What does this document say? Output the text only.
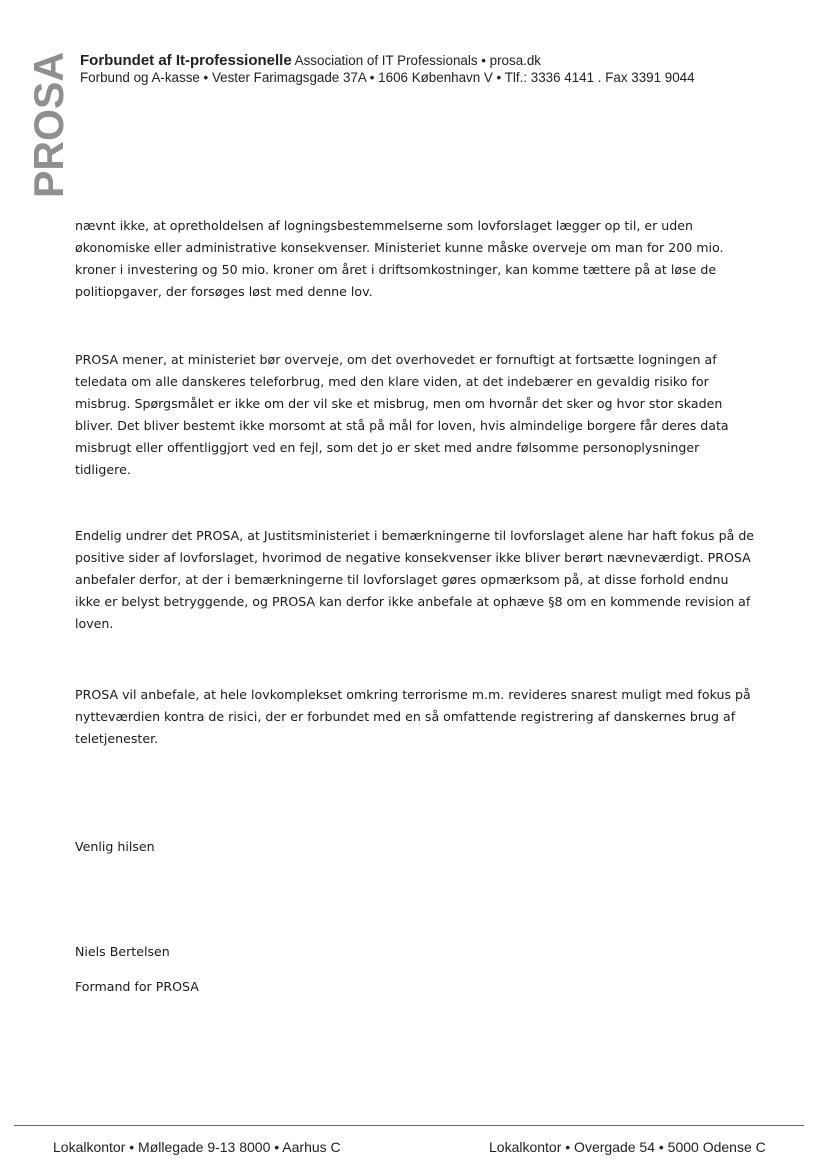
PROSA Forbundet af It-professionelle Association of IT Professionals • prosa.dk
Forbund og A-kasse • Vester Farimagsgade 37A • 1606 København V • Tlf.: 3336 4141 . Fax 3391 9044

nævnt ikke, at opretholdelsen af logningsbestemmelserne som lovforslaget lægger op til, er uden økonomiske eller administrative konsekvenser. Ministeriet kunne måske overveje om man for 200 mio. kroner i investering og 50 mio. kroner om året i driftsomkostninger, kan komme tættere på at løse de politiopgaver, der forsøges løst med denne lov.

PROSA mener, at ministeriet bør overveje, om det overhovedet er fornuftigt at fortsætte logningen af teledata om alle danskeres teleforbrug, med den klare viden, at det indebærer en gevaldig risiko for misbrug. Spørgsmålet er ikke om der vil ske et misbrug, men om hvornår det sker og hvor stor skaden bliver. Det bliver bestemt ikke morsomt at stå på mål for loven, hvis almindelige borgere får deres data misbrugt eller offentliggjort ved en fejl, som det jo er sket med andre følsomme personoplysninger tidligere.

Endelig undrer det PROSA, at Justitsministeriet i bemærkningerne til lovforslaget alene har haft fokus på de positive sider af lovforslaget, hvorimod de negative konsekvenser ikke bliver berørt nævneværdigt. PROSA anbefaler derfor, at der i bemærkningerne til lovforslaget gøres opmærksom på, at disse forhold endnu ikke er belyst betryggende, og PROSA kan derfor ikke anbefale at ophæve §8 om en kommende revision af loven.

PROSA vil anbefale, at hele lovkomplekset omkring terrorisme m.m. revideres snarest muligt med fokus på nytteværdien kontra de risici, der er forbundet med en så omfattende registrering af danskernes brug af teletjenester.

Venlig hilsen

Niels Bertelsen

Formand for PROSA

Lokalkontor • Møllegade 9-13 8000 • Aarhus C	Lokalkontor • Overgade 54 • 5000 Odense C
